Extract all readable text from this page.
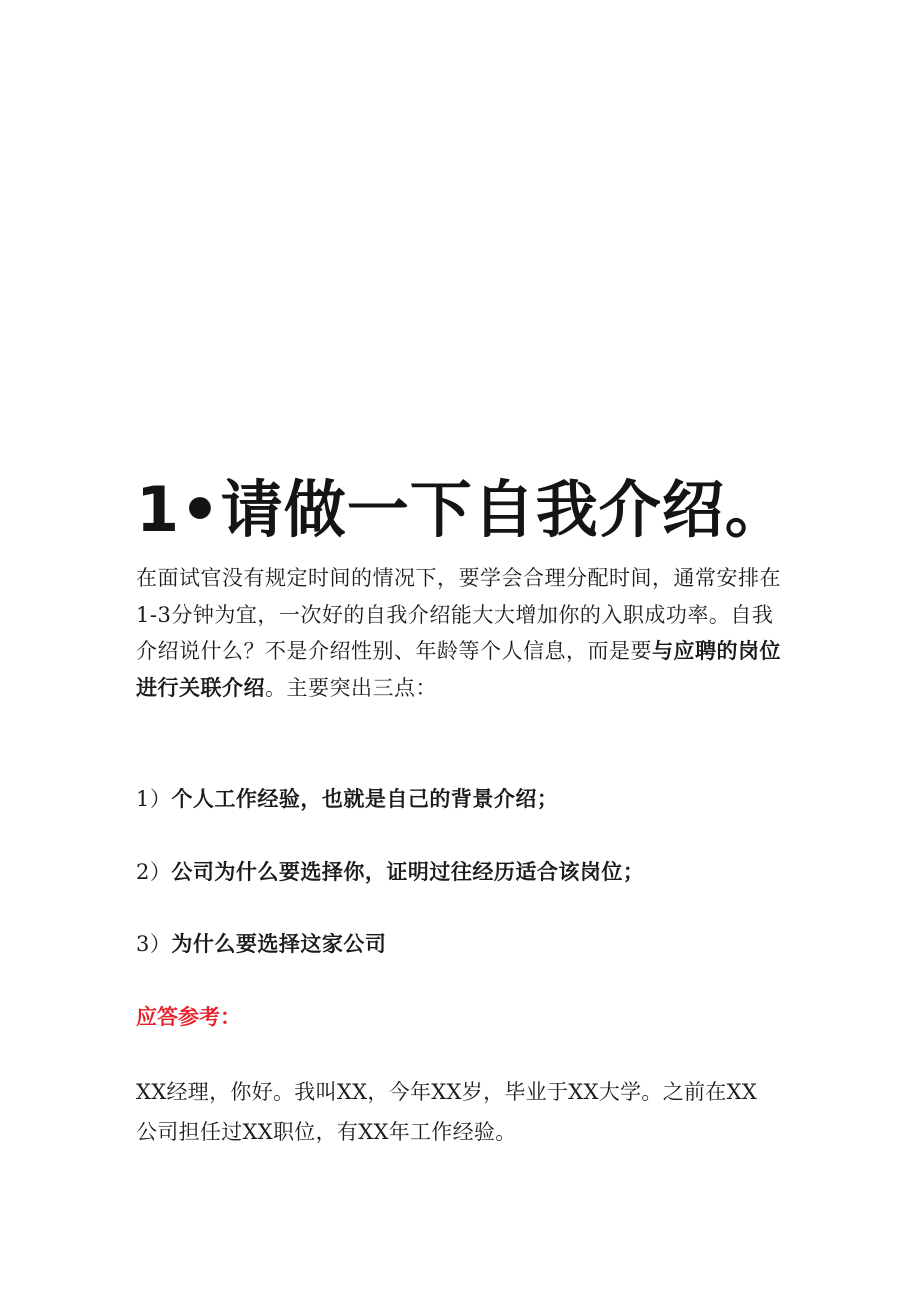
1•请做一下自我介绍。

在面试官没有规定时间的情况下，要学会合理分配时间，通常安排在
1-3分钟为宜，一次好的自我介绍能大大增加你的入职成功率。自我
介绍说什么？不是介绍性别、年龄等个人信息，而是要与应聘的岗位
进行关联介绍。主要突出三点：

1）个人工作经验，也就是自己的背景介绍；

2）公司为什么要选择你，证明过往经历适合该岗位；

3）为什么要选择这家公司

应答参考：

XX经理，你好。我叫XX，今年XX岁，毕业于XX大学。之前在XX
公司担任过XX职位，有XX年工作经验。
